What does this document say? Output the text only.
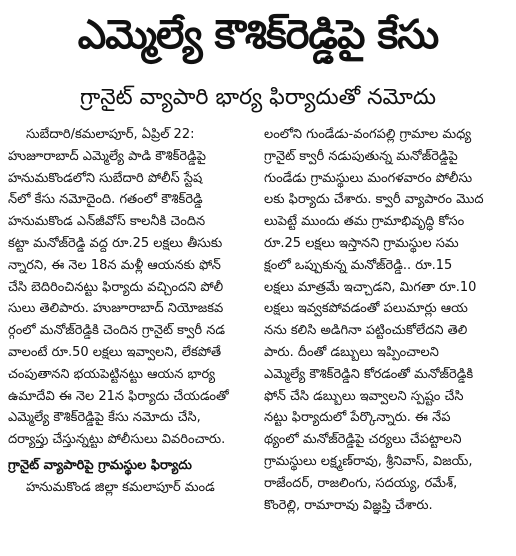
ఎమ్మెల్యే కౌశిక్‌రెడ్డిపై కేసు
గ్రానైట్ వ్యాపారి భార్య ఫిర్యాదుతో నమోదు
సుబేదారి/కమలాపూర్, ఏప్రిల్ 22:
హుజూరాబాద్ ఎమ్మెల్యే పాడి కౌశిక్‌రెడ్డిపై
హనుమకొండలోని సుబేదారి పోలీస్ స్టేష
న్‌లో కేసు నమోదైంది. గతంలో కౌశిక్‌రెడ్డి
హనుమకొండ ఎన్‌జీవోస్ కాలనీకి చెందిన
కట్టా మనోజ్‌రెడ్డి వద్ద రూ.25 లక్షలు తీసుకు
న్నారని, ఈ నెల 18న మళ్లీ ఆయనకు ఫోన్
చేసి బెదిరించినట్టు ఫిర్యాదు వచ్చిందని పోలీ
సులు తెలిపారు. హుజూరాబాద్ నియోజకవ
ర్గంలో మనోజ్‌రెడ్డికి చెందిన గ్రానైట్ క్వారీ నడ
వాలంటే రూ.50 లక్షలు ఇవ్వాలని, లేకపోతే
చంపుతానని భయపెట్టినట్టు ఆయన భార్య
ఉమాదేవి ఈ నెల 21న ఫిర్యాదు చేయడంతో
ఎమ్మెల్యే కౌశిక్‌రెడ్డిపై కేసు నమోదు చేసి,
దర్యాప్తు చేస్తున్నట్టు పోలీసులు వివరించారు.
గ్రానైట్ వ్యాపారిపై గ్రామస్థుల ఫిర్యాదు
హనుమకొండ జిల్లా కమలాపూర్ మండ
లంలోని గుండేడు-వంగపల్లి గ్రామాల మధ్య
గ్రానైట్ క్వారీ నడుపుతున్న మనోజ్‌రెడ్డిపై
గుండేడు గ్రామస్థులు మంగళవారం పోలీసు
లకు ఫిర్యాదు చేశారు. క్వారీ వ్యాపారం మొద
లుపెట్టే ముందు తమ గ్రామాభివృద్ధి కోసం
రూ.25 లక్షలు ఇస్తానని గ్రామస్థుల సమ
క్షంలో ఒప్పుకున్న మనోజ్‌రెడ్డి.. రూ.15
లక్షలు మాత్రమే ఇచ్చాడని, మిగతా రూ.10
లక్షలు ఇవ్వకపోవడంతో పలుమార్లు ఆయ
నను కలిసి అడిగినా పట్టించుకోలేదని తెలి
పారు. దీంతో డబ్బులు ఇప్పించాలని
ఎమ్మెల్యే కౌశిక్‌రెడ్డిని కోరడంతో మనోజ్‌రెడ్డికి
ఫోన్ చేసి డబ్బులు ఇవ్వాలని స్పష్టం చేసి
నట్టు ఫిర్యాదులో పేర్కొన్నారు. ఈ నేప
థ్యంలో మనోజ్‌రెడ్డిపై చర్యలు చేపట్టాలని
గ్రామస్థులు లక్ష్మణ్‌రావు, శ్రీనివాస్, విజయ్,
రాజేందర్, రాజలింగు, సదయ్య, రమేశ్,
కొంరెల్లి, రామారావు విజ్ఞప్తి చేశారు.
